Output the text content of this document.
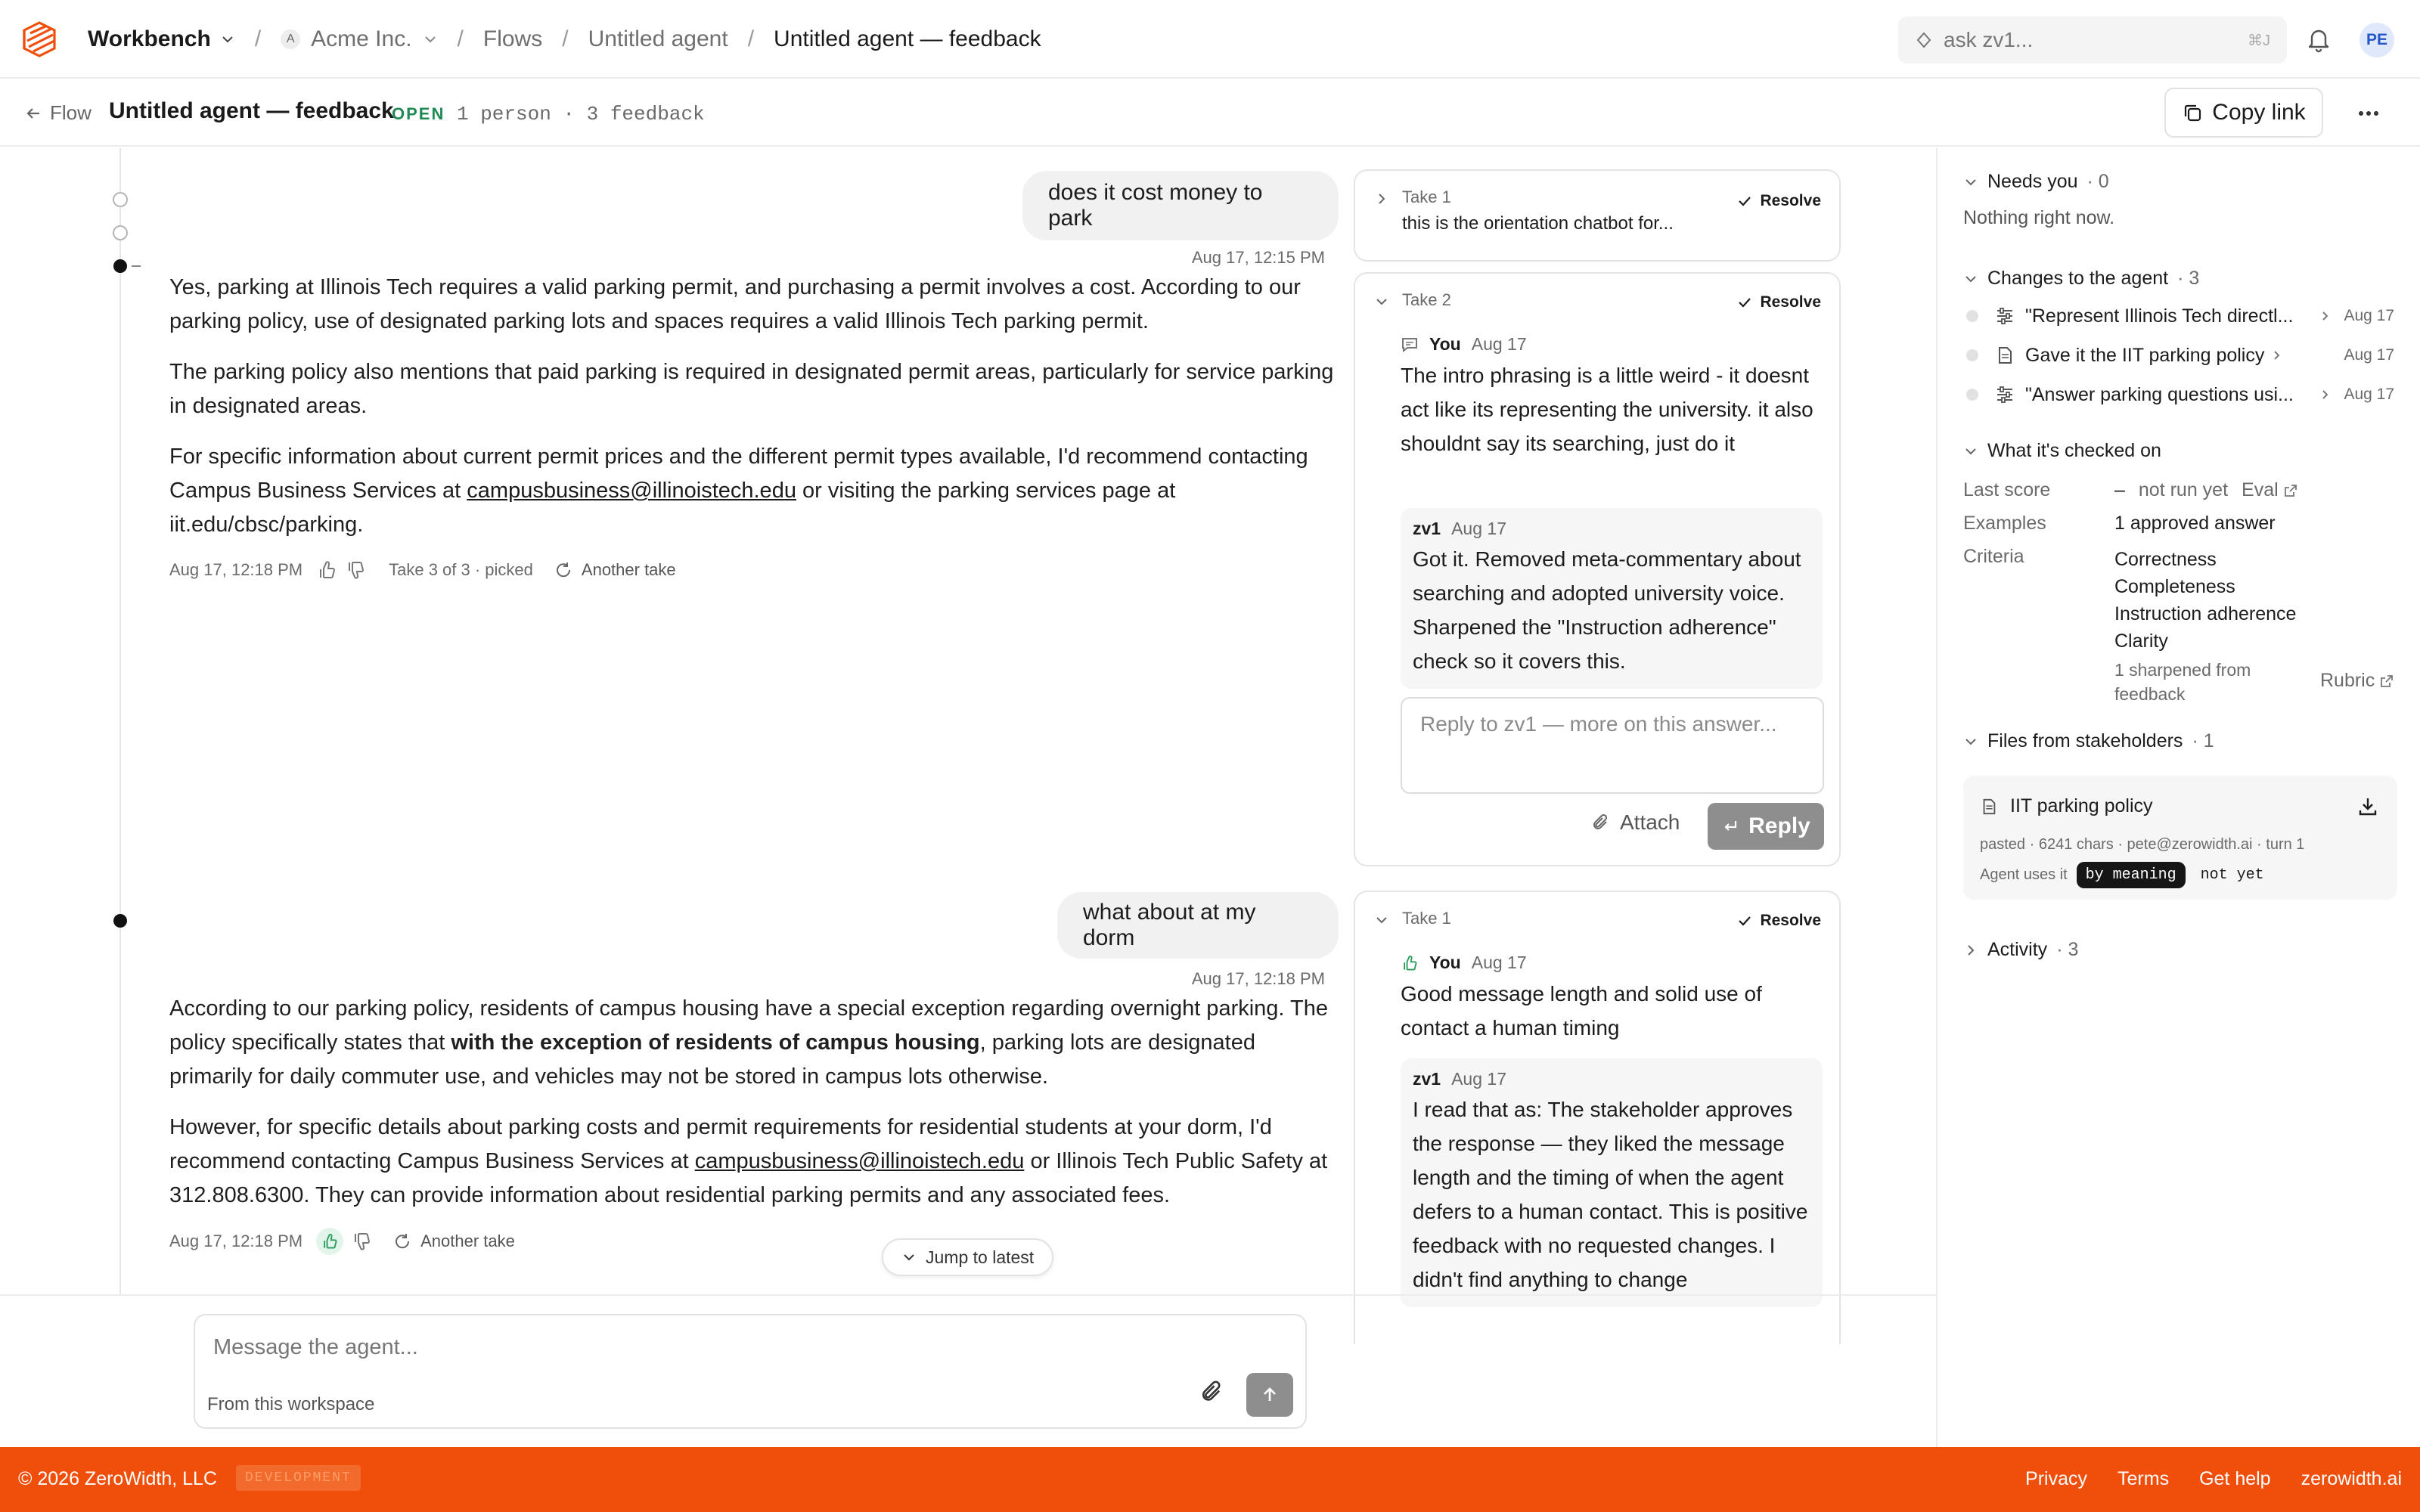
Workbench /	A Acme Inc. / Flows / Untitled agent / Untitled agent — feedback	ask zv1...	⌘J	PE
Flow Untitled agent — feedback
OPEN 1 person · 3 feedback	Copy link
does it cost money to park
Aug 17, 12:15 PM

Yes, parking at Illinois Tech requires a valid parking permit, and purchasing a permit involves a cost. According to our parking policy, use of designated parking lots and spaces requires a valid Illinois Tech parking permit.

The parking policy also mentions that paid parking is required in designated permit areas, particularly for service parking in designated areas.

For specific information about current permit prices and the different permit types available, I'd recommend contacting Campus Business Services at campusbusiness@illinoistech.edu or visiting the parking services page at iit.edu/cbsc/parking.

Aug 17, 12:18 PM	Take 3 of 3 · picked	Another take
what about at my dorm
Aug 17, 12:18 PM

According to our parking policy, residents of campus housing have a special exception regarding overnight parking. The policy specifically states that with the exception of residents of campus housing, parking lots are designated primarily for daily commuter use, and vehicles may not be stored in campus lots otherwise.

However, for specific details about parking costs and permit requirements for residential students at your dorm, I'd recommend contacting Campus Business Services at campusbusiness@illinoistech.edu or Illinois Tech Public Safety at 312.808.6300. They can provide information about residential parking permits and any associated fees.

Aug 17, 12:18 PM	Another take
Take 1
this is the orientation chatbot for...
Resolve
Take 2	Resolve
You Aug 17
The intro phrasing is a little weird - it doesnt act like its representing the university. it also shouldnt say its searching, just do it
zv1 Aug 17
Got it. Removed meta-commentary about searching and adopted university voice. Sharpened the "Instruction adherence" check so it covers this.
Reply to zv1 — more on this answer...
Attach	Reply
Take 1	Resolve
You Aug 17
Good message length and solid use of contact a human timing
zv1 Aug 17
I read that as: The stakeholder approves the response — they liked the message length and the timing of when the agent defers to a human contact. This is positive feedback with no requested changes. I didn't find anything to change
Jump to latest
Message the agent...
From this workspace
Needs you · 0
Nothing right now.
Changes to the agent · 3
"Represent Illinois Tech directl...	Aug 17
Gave it the IIT parking policy	Aug 17
"Answer parking questions usi...	Aug 17
What it's checked on
Last score	– not run yet Eval
Examples	1 approved answer
Criteria	Correctness
Completeness
Instruction adherence
Clarity
1 sharpened from feedback
Rubric
Files from stakeholders · 1
IIT parking policy
pasted · 6241 chars · pete@zerowidth.ai · turn 1
Agent uses it	by meaning	not yet
Activity · 3
© 2026 ZeroWidth, LLC	DEVELOPMENT	Privacy Terms Get help zerowidth.ai
